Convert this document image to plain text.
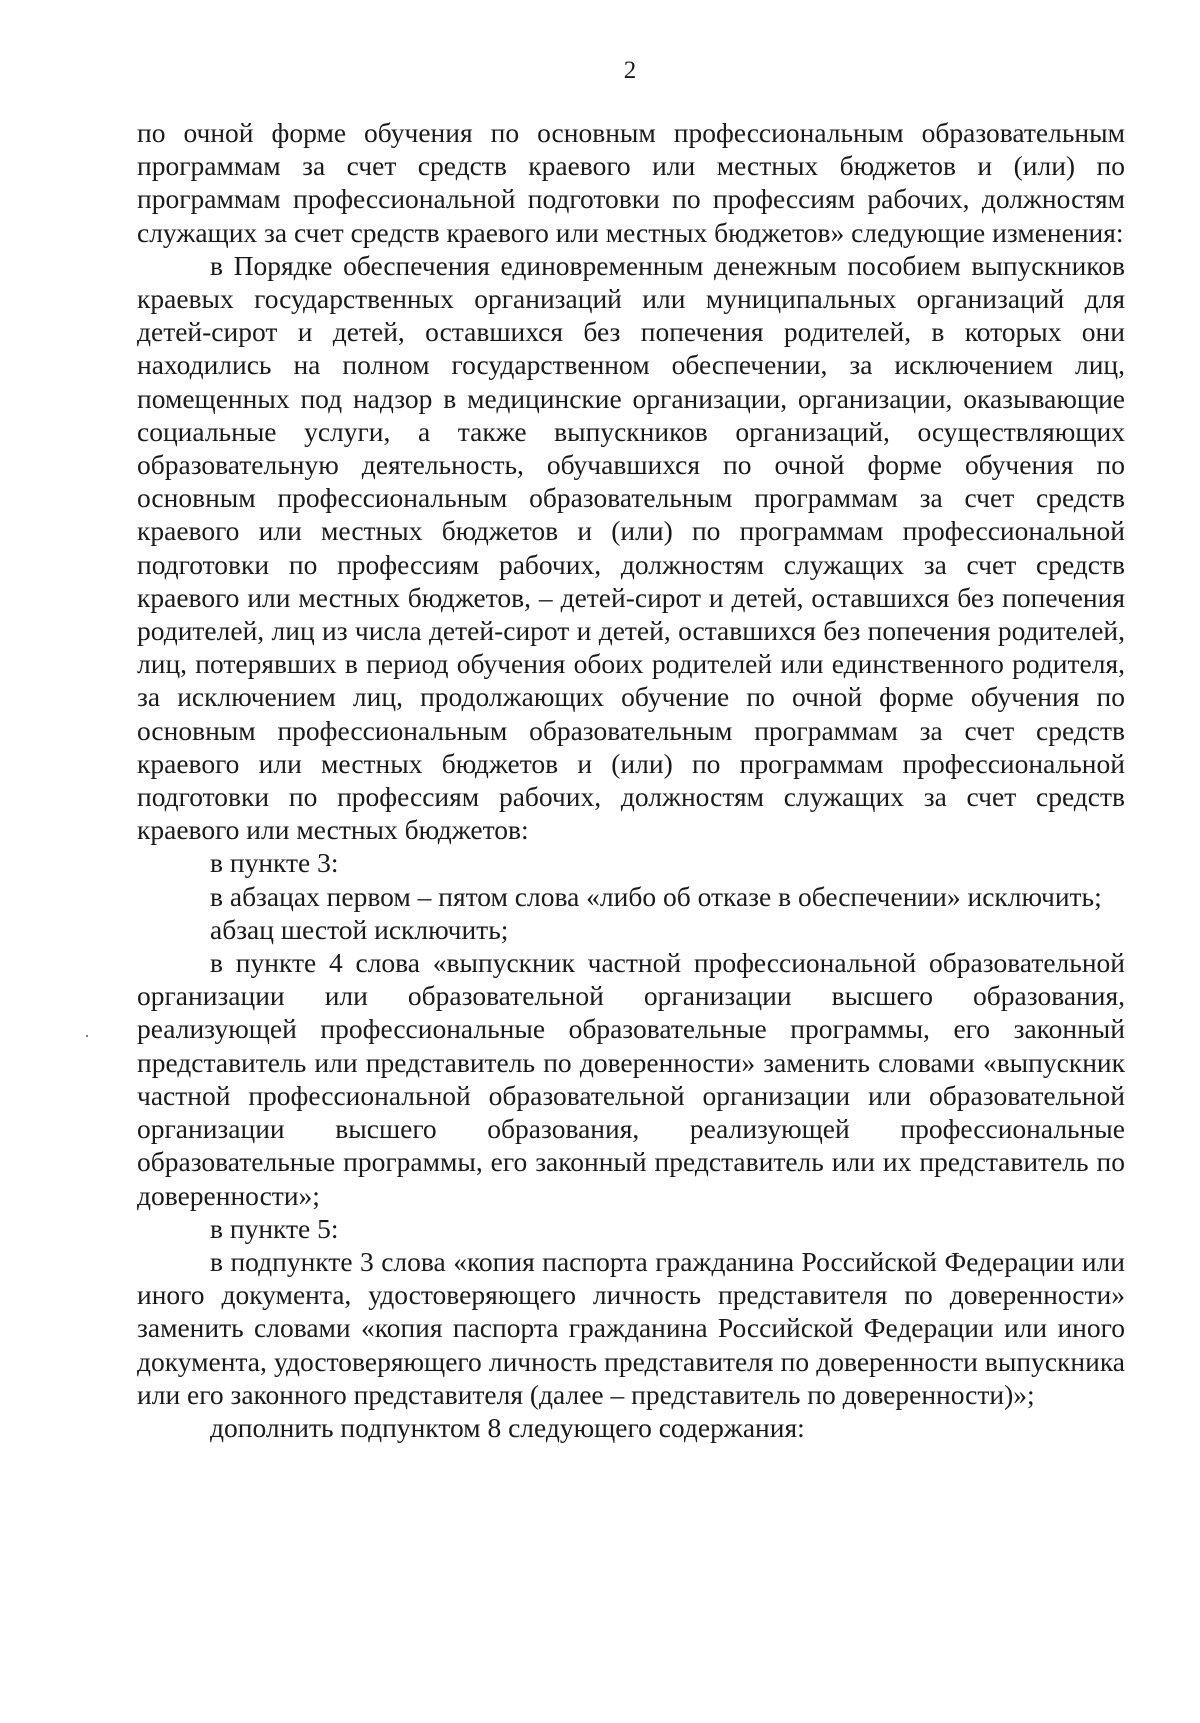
2

по очной форме обучения по основным профессиональным образовательным программам за счет средств краевого или местных бюджетов и (или) по программам профессиональной подготовки по профессиям рабочих, должностям служащих за счет средств краевого или местных бюджетов» следующие изменения:

в Порядке обеспечения единовременным денежным пособием выпускников краевых государственных организаций или муниципальных организаций для детей-сирот и детей, оставшихся без попечения родителей, в которых они находились на полном государственном обеспечении, за исключением лиц, помещенных под надзор в медицинские организации, организации, оказывающие социальные услуги, а также выпускников организаций, осуществляющих образовательную деятельность, обучавшихся по очной форме обучения по основным профессиональным образовательным программам за счет средств краевого или местных бюджетов и (или) по программам профессиональной подготовки по профессиям рабочих, должностям служащих за счет средств краевого или местных бюджетов, – детей-сирот и детей, оставшихся без попечения родителей, лиц из числа детей-сирот и детей, оставшихся без попечения родителей, лиц, потерявших в период обучения обоих родителей или единственного родителя, за исключением лиц, продолжающих обучение по очной форме обучения по основным профессиональным образовательным программам за счет средств краевого или местных бюджетов и (или) по программам профессиональной подготовки по профессиям рабочих, должностям служащих за счет средств краевого или местных бюджетов:

в пункте 3:

в абзацах первом – пятом слова «либо об отказе в обеспечении» исключить;

абзац шестой исключить;

в пункте 4 слова «выпускник частной профессиональной образовательной организации или образовательной организации высшего образования, реализующей профессиональные образовательные программы, его законный представитель или представитель по доверенности» заменить словами «выпускник частной профессиональной образовательной организации или образовательной организации высшего образования, реализующей профессиональные образовательные программы, его законный представитель или их представитель по доверенности»;

в пункте 5:

в подпункте 3 слова «копия паспорта гражданина Российской Федерации или иного документа, удостоверяющего личность представителя по доверенности» заменить словами «копия паспорта гражданина Российской Федерации или иного документа, удостоверяющего личность представителя по доверенности выпускника или его законного представителя (далее – представитель по доверенности)»;

дополнить подпунктом 8 следующего содержания:
